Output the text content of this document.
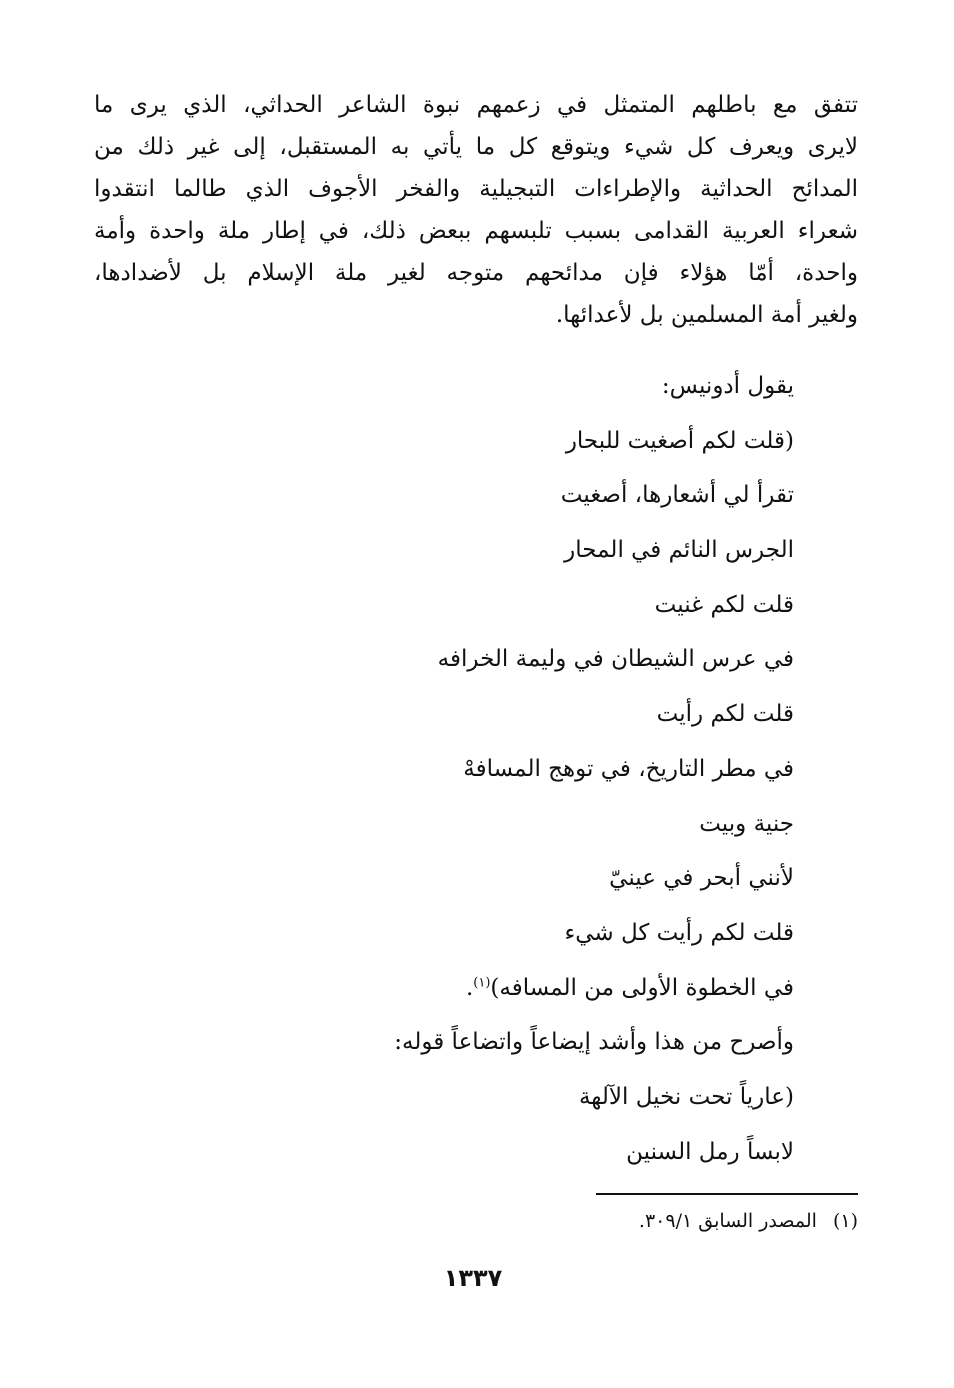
تتفق مع باطلهم المتمثل في زعمهم نبوة الشاعر الحداثي، الذي يرى ما
لايرى ويعرف كل شيء ويتوقع كل ما يأتي به المستقبل، إلى غير ذلك من
المدائح الحداثية والإطراءات التبجيلية والفخر الأجوف الذي طالما انتقدوا
شعراء العربية القدامى بسبب تلبسهم ببعض ذلك، في إطار ملة واحدة وأمة
واحدة، أمّا هؤلاء فإن مدائحهم متوجه لغير ملة الإسلام بل لأضدادها،
ولغير أمة المسلمين بل لأعدائها.
يقول أدونيس:
(قلت لكم أصغيت للبحار
تقرأ لي أشعارها، أصغيت
الجرس النائم في المحار
قلت لكم غنيت
في عرس الشيطان في وليمة الخرافه
قلت لكم رأيت
في مطر التاريخ، في توهج المسافهْ
جنية وبيت
لأنني أبحر في عينيّ
قلت لكم رأيت كل شيء
في الخطوة الأولى من المسافه)$^{(١)}$.
وأصرح من هذا وأشد إيضاعاً واتضاعاً قوله:
(عارياً تحت نخيل الآلهة
لابساً رمل السنين
(١) المصدر السابق ٣٠٩/١.
١٣٣٧
